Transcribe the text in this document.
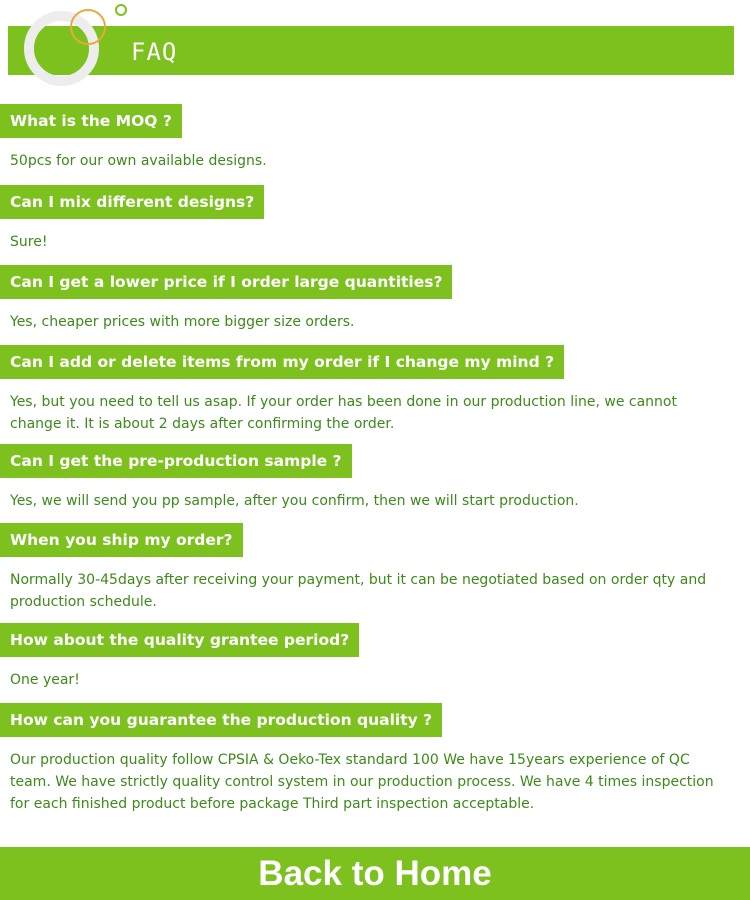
FAQ
What is the MOQ ?
50pcs for our own available designs.
Can I mix different designs?
Sure!
Can I get a lower price if I order large quantities?
Yes, cheaper prices with more bigger size orders.
Can I add or delete items from my order if I change my mind ?
Yes, but you need to tell us asap. If your order has been done in our production line, we cannot change it. It is about 2 days after confirming the order.
Can I get the pre-production sample ?
Yes, we will send you pp sample, after you confirm, then we will start production.
When you ship my order?
Normally 30-45days after receiving your payment, but it can be negotiated based on order qty and production schedule.
How about the quality grantee period?
One year!
How can you guarantee the production quality ?
Our production quality follow CPSIA & Oeko-Tex standard 100 We have 15years experience of QC team. We have strictly quality control system in our production process. We have 4 times inspection for each finished product before package Third part inspection acceptable.
Back to Home
